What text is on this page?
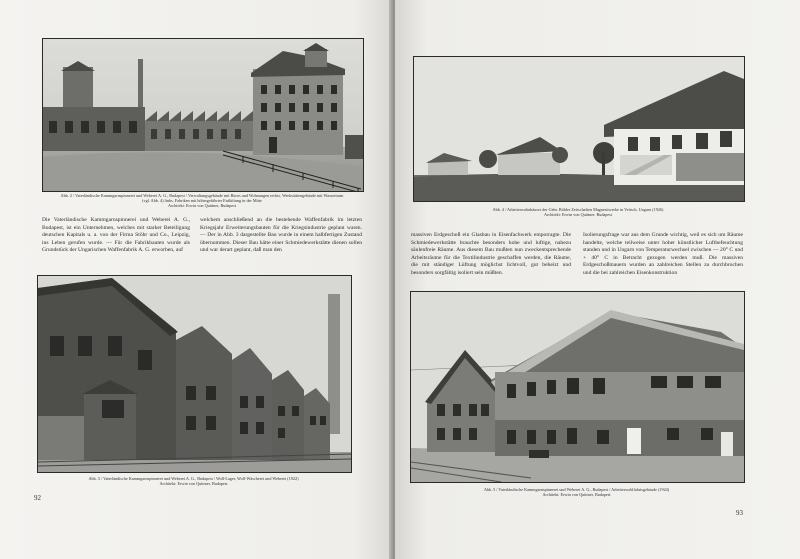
Abb. 2 / Vaterländische Kammgarnspinnerei und Weberei A. G., Budapest / Verwaltungsgebäude mit Büros und Wohnungen rechts, Werkstättengebäude mit Wasserturm
(vgl. Abb. 4) links, Fabriken mit höhergeführter Entlüftung in der Mitte
Architekt: Erwin von Quittner, Budapest
Die Vaterländische Kammgarnspinnerei und Weberei A. G., Budapest, ist ein Unternehmen, welches mit starker Beteiligung deutschen Kapitals u. a. von der Firma Stöhr und Co., Leipzig, ins Leben gerufen wurde. — Für die Fabrikbauten wurde als Grundstück der Ungarischen Waffenfabrik A. G. erworben, auf
welchem anschließend an die bestehende Waffenfabrik im letzten Kriegsjahr Erweiterungsbauten für die Kriegsindustrie geplant waren. — Der in Abb. 3 dargestellte Bau wurde in einem halbfertigen Zustand übernommen. Dieser Bau hätte einer Schmiedewerkstätte dienen sollen und war derart geplant, daß man den
Abb. 3 / Vaterländische Kammgarnspinnerei und Weberei A. G., Budapest / Woll-Lager, Woll-Wäscherei und Weberei (1922)
Architekt: Erwin von Quittner, Budapest
92
Abb. 4 / Arbeiterwohnhäuser der Gebr. Böhler Zeitschaften Magnesitwerke in Veitsch, Ungarn (1926)
Architekt: Erwin von Quittner, Budapest
massiven Erdgeschoß ein Glasbau in Eisenfachwerk emporragte. Die Schmiedewerkstätte brauchte besonders hohe und luftige, nahezu säulenfreie Räume. Aus diesem Bau mußten nun zweckentsprechende Arbeitsräume für die Textilindustrie geschaffen werden, die Räume, die mit ständiger Lüftung möglichst lichtvoll, gut beheizt und besonders sorgfältig isoliert sein müßten.
Isolierungsfrage war aus dem Grunde wichtig, weil es sich um Räume handelte, welche teilweise unter hoher künstlicher Luftbefeuchtung standen und in Ungarn von Temperaturwechsel zwischen — 20° C und + 40° C in Betracht gezogen werden muß. Die massiven Erdgeschoßmauern wurden an zahlreichen Stellen zu durchbrochen und die bei zahlreichen Eisenkonstruktion
Abb. 5 / Vaterländische Kammgarnspinnerei und Weberei A. G., Budapest / Arbeiterwohlfahrtsgebäude (1924)
Architekt: Erwin von Quittner, Budapest
93
